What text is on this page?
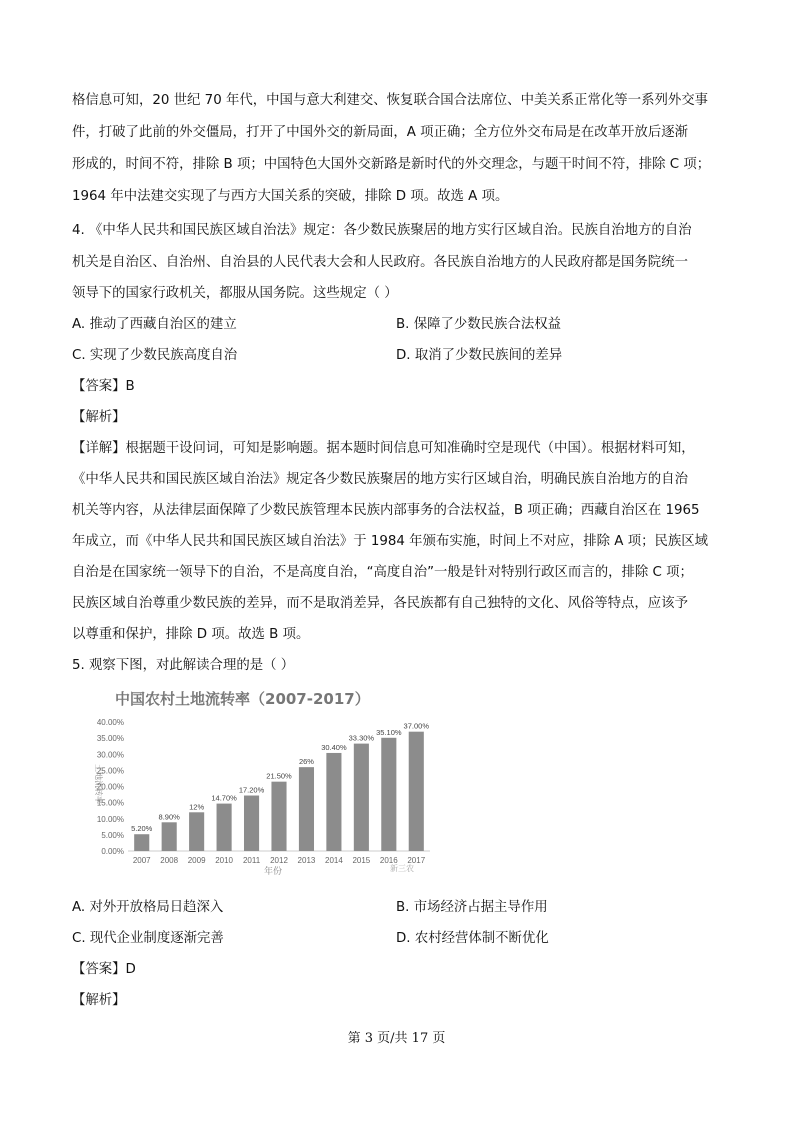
格信息可知，20 世纪 70 年代，中国与意大利建交、恢复联合国合法席位、中美关系正常化等一系列外交事
件，打破了此前的外交僵局，打开了中国外交的新局面，A 项正确；全方位外交布局是在改革开放后逐渐
形成的，时间不符，排除 B 项；中国特色大国外交新路是新时代的外交理念，与题干时间不符，排除 C 项；
1964 年中法建交实现了与西方大国关系的突破，排除 D 项。故选 A 项。
4. 《中华人民共和国民族区域自治法》规定：各少数民族聚居的地方实行区域自治。民族自治地方的自治
机关是自治区、自治州、自治县的人民代表大会和人民政府。各民族自治地方的人民政府都是国务院统一
领导下的国家行政机关，都服从国务院。这些规定（ ）
A. 推动了西藏自治区的建立	B. 保障了少数民族合法权益
C. 实现了少数民族高度自治	D. 取消了少数民族间的差异
【答案】B
【解析】
【详解】根据题干设问词，可知是影响题。据本题时间信息可知准确时空是现代（中国）。根据材料可知，
《中华人民共和国民族区域自治法》规定各少数民族聚居的地方实行区域自治，明确民族自治地方的自治
机关等内容，从法律层面保障了少数民族管理本民族内部事务的合法权益，B 项正确；西藏自治区在 1965
年成立，而《中华人民共和国民族区域自治法》于 1984 年颁布实施，时间上不对应，排除 A 项；民族区域
自治是在国家统一领导下的自治，不是高度自治，“高度自治”一般是针对特别行政区而言的，排除 C 项；
民族区域自治尊重少数民族的差异，而不是取消差异，各民族都有自己独特的文化、风俗等特点，应该予
以尊重和保护，排除 D 项。故选 B 项。
5. 观察下图，对此解读合理的是（ ）
中国农村土地流转率（2007-2017）
0.00%
5.00%
10.00%
15.00%
20.00%
25.00%
30.00%
35.00%
40.00%
5.20%
8.90%
12%
14.70%
17.20%
21.50%
26%
30.40%
33.30%
35.10%
37.00%
2007 2008 2009 2010 2011 2012 2013 2014 2015 2016 2017
土地流转率
年份	新三农
A. 对外开放格局日趋深入	B. 市场经济占据主导作用
C. 现代企业制度逐渐完善	D. 农村经营体制不断优化
【答案】D
【解析】
第 3 页/共 17 页
